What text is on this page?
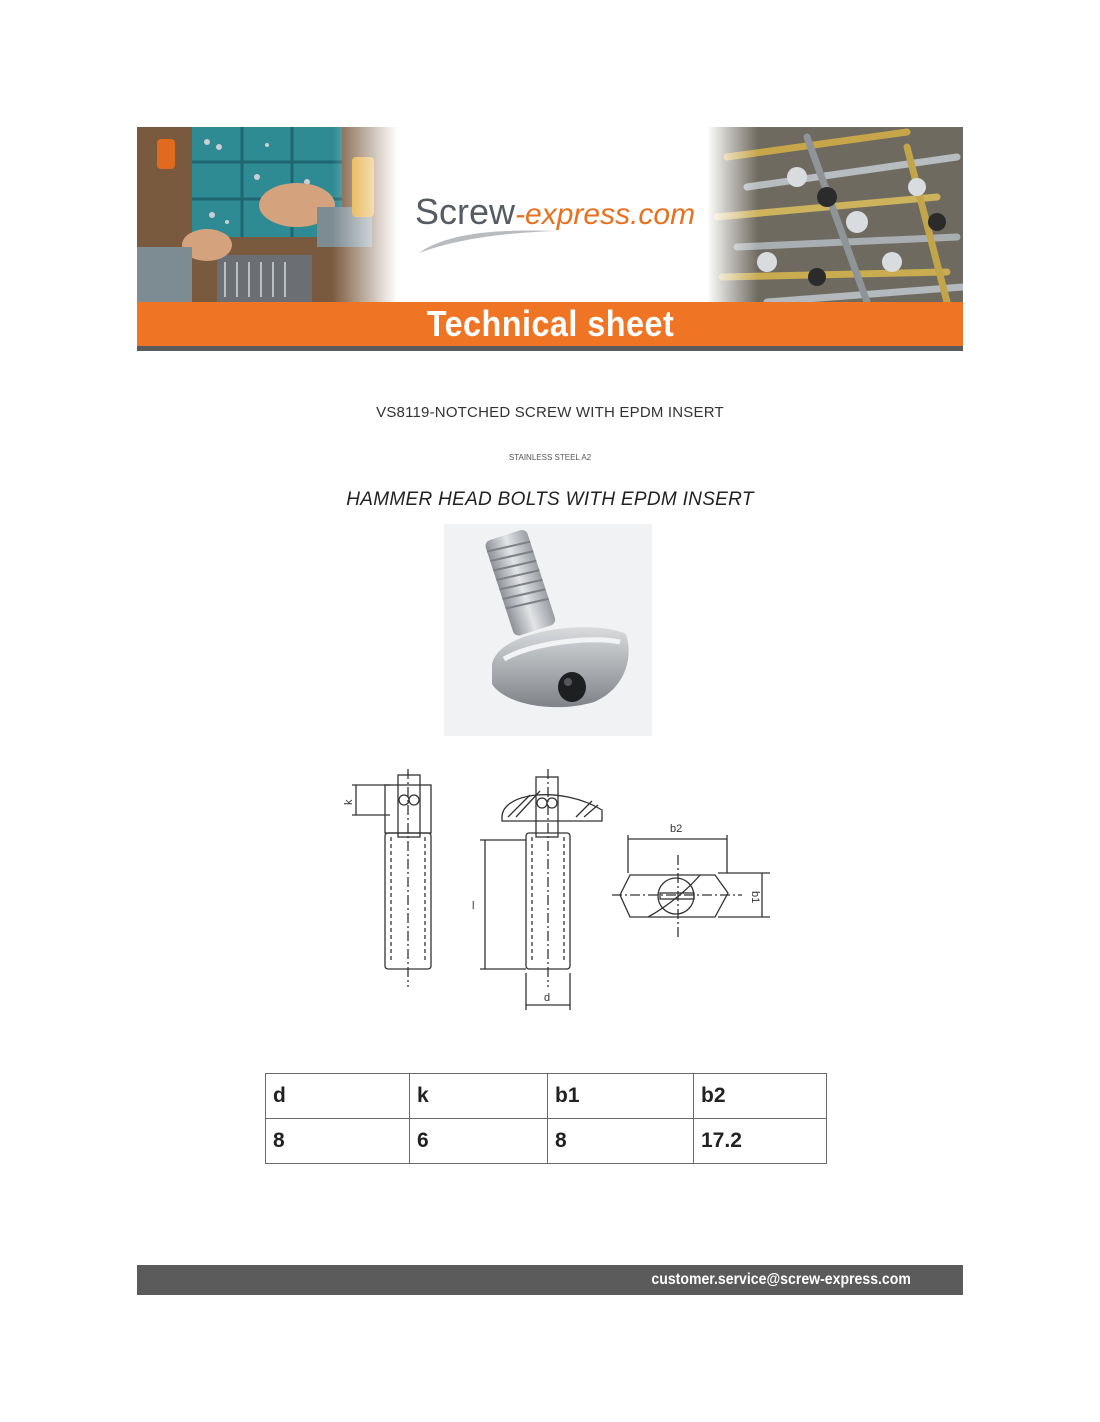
Screw-express.com
Technical sheet
VS8119-NOTCHED SCREW WITH EPDM INSERT
STAINLESS STEEL A2
HAMMER HEAD BOLTS WITH EPDM INSERT
k
l
d
b2
b1
d	k	b1	b2
8	6	8	17.2
customer.service@screw-express.com
